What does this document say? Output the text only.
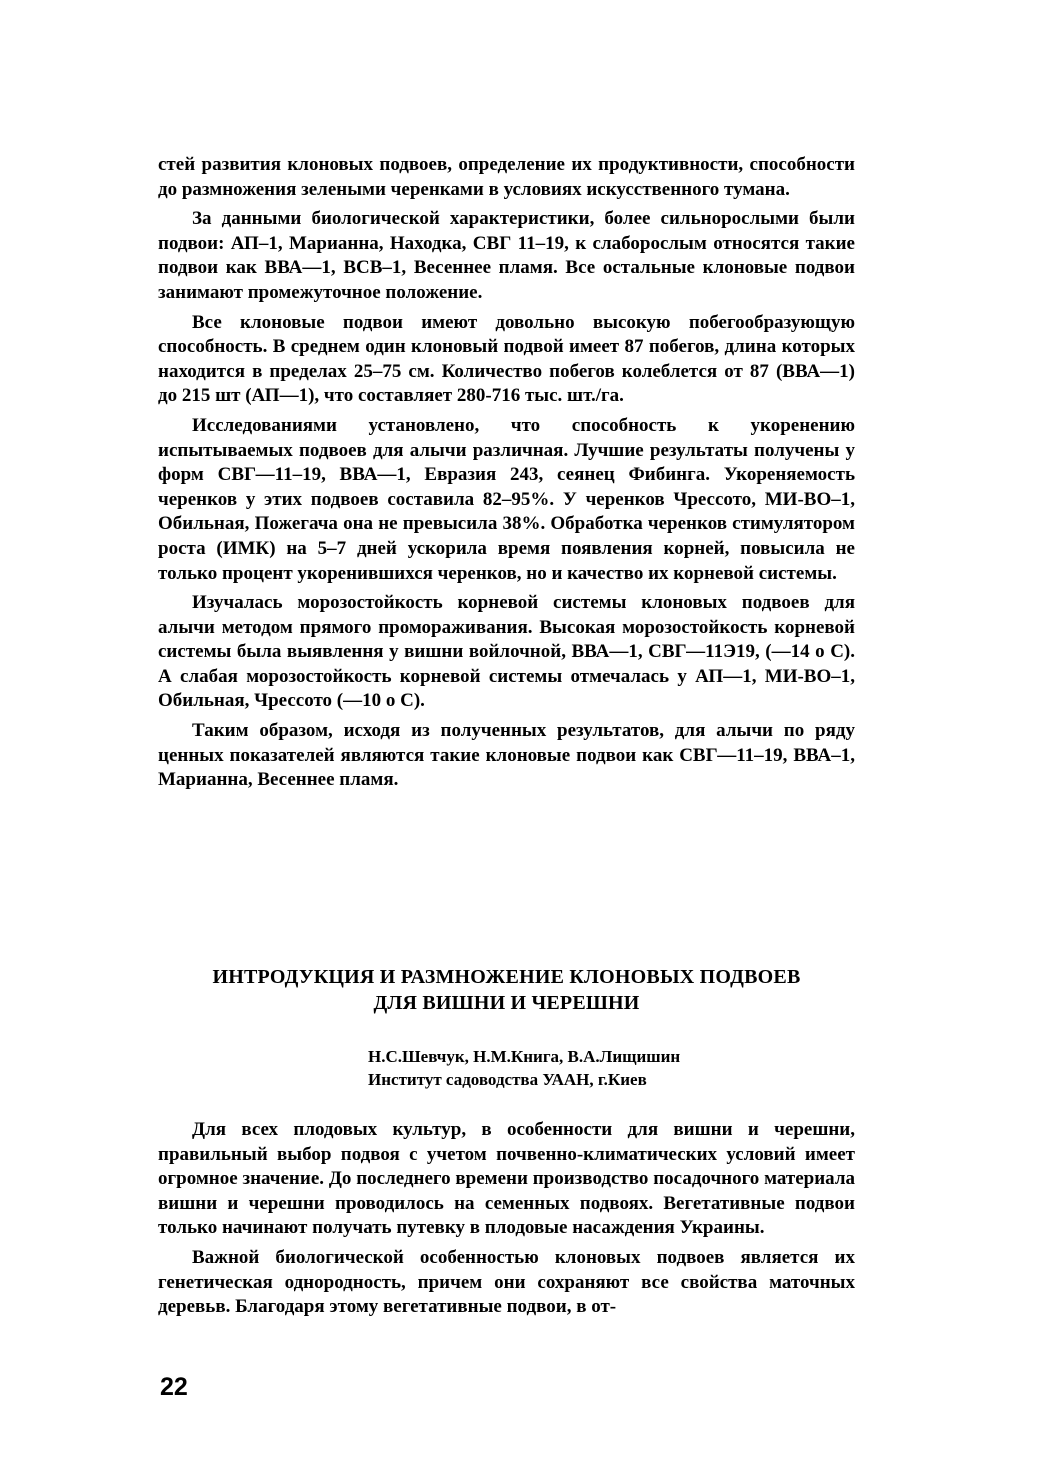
стей развития клоновых подвоев, определение их продуктивности, способности до размножения зелеными черенками в условиях искусственного тумана.

За данными биологической характеристики, более сильнорослыми были подвои: АП–1, Марианна, Находка, СВГ 11–19, к слаборослым относятся такие подвои как ВВА—1, ВСВ–1, Весеннее пламя. Все остальные клоновые подвои занимают промежуточное положение.

Все клоновые подвои имеют довольно высокую побегообразующую способность. В среднем один клоновый подвой имеет 87 побегов, длина которых находится в пределах 25–75 см. Количество побегов колеблется от 87 (ВВА—1) до 215 шт (АП—1), что составляет 280-716 тыс. шт./га.

Исследованиями установлено, что способность к укоренению испытываемых подвоев для алычи различная. Лучшие результаты получены у форм СВГ—11–19, ВВА—1, Евразия 243, сеянец Фибинга. Укореняемость черенков у этих подвоев составила 82–95%. У черенков Чрессото, МИ-ВО–1, Обильная, Пожегача она не превысила 38%. Обработка черенков стимулятором роста (ИМК) на 5–7 дней ускорила время появления корней, повысила не только процент укоренившихся черенков, но и качество их корневой системы.

Изучалась морозостойкость корневой системы клоновых подвоев для алычи методом прямого проморaживания. Высокая морозостойкость корневой системы была выявлення у вишни войлочной, ВВА—1, СВГ—11Э19, (—14 о С). А слабая морозостойкость корневой системы отмечалась у АП—1, МИ-ВО–1, Обильная, Чрессото (—10 о С).

Таким образом, исходя из полученных результатов, для алычи по ряду ценных показателей являются такие клоновые подвои как СВГ—11–19, ВВА–1, Марианна, Весеннее пламя.

ИНТРОДУКЦИЯ И РАЗМНОЖЕНИЕ КЛОНОВЫХ ПОДВОЕВ
ДЛЯ ВИШНИ И ЧЕРЕШНИ
Н.С.Шевчук, Н.М.Книга, В.А.Лищишин
Институт садоводства УААН, г.Киев

Для всех плодовых культур, в особенности для вишни и черешни, правильный выбор подвоя с учетом почвенно-климатических условий имеет огромное значение. До последнего времени производство посадочного материала вишни и черешни проводилось на семенных подвоях. Вегетативные подвои только начинают получать путевку в плодовые насаждения Украины.

Важной биологической особенностью клоновых подвоев является их генетическая однородность, причем они сохраняют все свойства маточных деревьв. Благодаря этому вегетативные подвои, в от-

22
